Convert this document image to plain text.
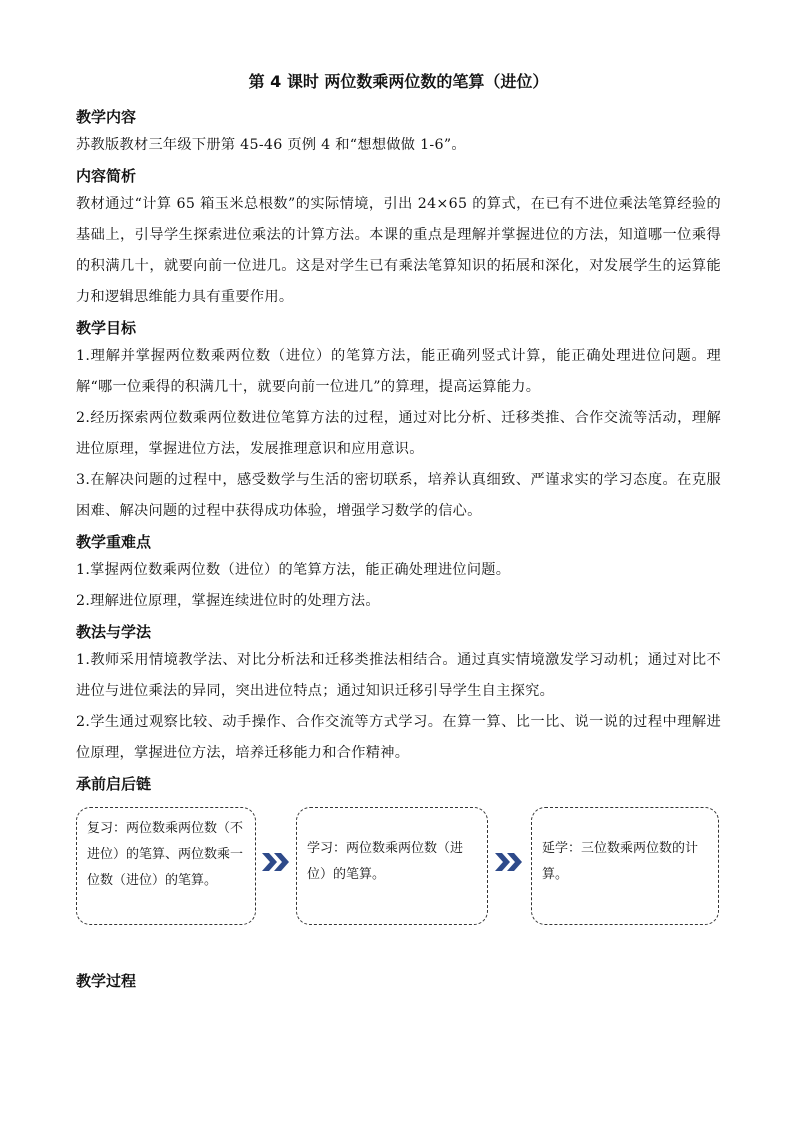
第 4 课时 两位数乘两位数的笔算（进位）
教学内容

苏教版教材三年级下册第 45-46 页例 4 和“想想做做 1-6”。

内容简析

教材通过“计算 65 箱玉米总根数”的实际情境，引出 24×65 的算式，在已有不进位乘法笔算经验的基础上，引导学生探索进位乘法的计算方法。本课的重点是理解并掌握进位的方法，知道哪一位乘得的积满几十，就要向前一位进几。这是对学生已有乘法笔算知识的拓展和深化，对发展学生的运算能力和逻辑思维能力具有重要作用。

教学目标

1.理解并掌握两位数乘两位数（进位）的笔算方法，能正确列竖式计算，能正确处理进位问题。理解“哪一位乘得的积满几十，就要向前一位进几”的算理，提高运算能力。

2.经历探索两位数乘两位数进位笔算方法的过程，通过对比分析、迁移类推、合作交流等活动，理解进位原理，掌握进位方法，发展推理意识和应用意识。

3.在解决问题的过程中，感受数学与生活的密切联系，培养认真细致、严谨求实的学习态度。在克服困难、解决问题的过程中获得成功体验，增强学习数学的信心。

教学重难点

1.掌握两位数乘两位数（进位）的笔算方法，能正确处理进位问题。

2.理解进位原理，掌握连续进位时的处理方法。

教法与学法

1.教师采用情境教学法、对比分析法和迁移类推法相结合。通过真实情境激发学习动机；通过对比不进位与进位乘法的异同，突出进位特点；通过知识迁移引导学生自主探究。

2.学生通过观察比较、动手操作、合作交流等方式学习。在算一算、比一比、说一说的过程中理解进位原理，掌握进位方法，培养迁移能力和合作精神。

承前启后链
复习：两位数乘两位数（不进位）的笔算、两位数乘一位数（进位）的笔算。
学习：两位数乘两位数（进位）的笔算。
延学：三位数乘两位数的计算。
教学过程
